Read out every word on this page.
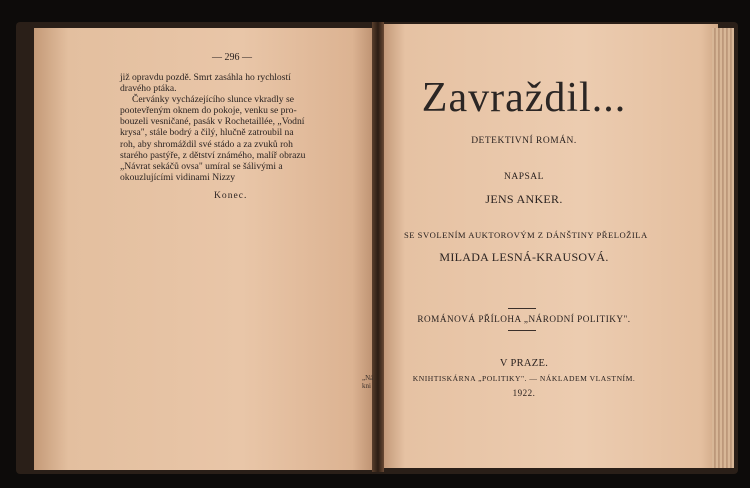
— 296 —
již opravdu pozdě. Smrt zasáhla ho rychlostí
dravého ptáka.
Červánky vycházejícího slunce vkradly se
pootevřeným oknem do pokoje, venku se pro-
bouzeli vesničané, pasák v Rochetaillée, „Vodní
krysa", stále bodrý a čilý, hlučně zatroubil na
roh, aby shromáždil své stádo a za zvuků roh
starého pastýře, z dětství známého, malíř obrazu
„Návrat sekáčů ovsa" umíral se šálivými a
okouzlujícími vidinami Nizzy
Konec.
„Ná
kni
Zavraždil...
DETEKTIVNÍ ROMÁN.
NAPSAL
JENS ANKER.
SE SVOLENÍM AUKTOROVÝM Z DÁNŠTINY PŘELOŽILA
MILADA LESNÁ-KRAUSOVÁ.
ROMÁNOVÁ PŘÍLOHA „NÁRODNÍ POLITIKY".
V PRAZE.
KNIHTISKÁRNA „POLITIKY". — NÁKLADEM VLASTNÍM.
1922.
